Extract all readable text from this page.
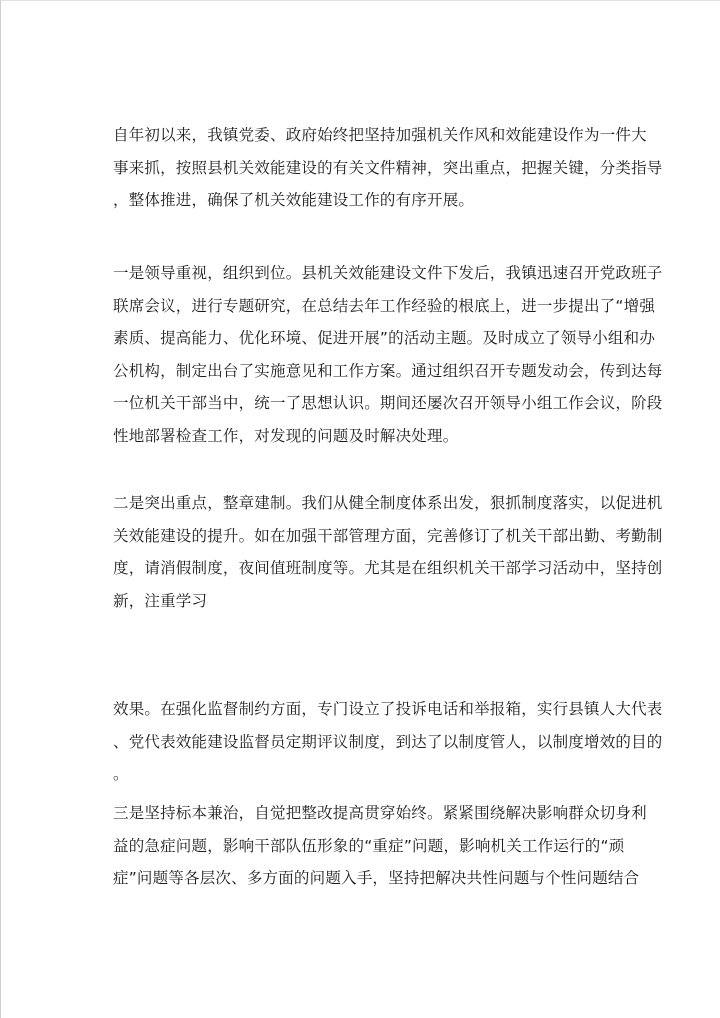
自年初以来，我镇党委、政府始终把坚持加强机关作风和效能建设作为一件大
事来抓，按照县机关效能建设的有关文件精神，突出重点，把握关键，分类指导
，整体推进，确保了机关效能建设工作的有序开展。
一是领导重视，组织到位。县机关效能建设文件下发后，我镇迅速召开党政班子
联席会议，进行专题研究，在总结去年工作经验的根底上，进一步提出了“增强
素质、提高能力、优化环境、促进开展”的活动主题。及时成立了领导小组和办
公机构，制定出台了实施意见和工作方案。通过组织召开专题发动会，传到达每
一位机关干部当中，统一了思想认识。期间还屡次召开领导小组工作会议，阶段
性地部署检查工作，对发现的问题及时解决处理。
二是突出重点，整章建制。我们从健全制度体系出发，狠抓制度落实，以促进机
关效能建设的提升。如在加强干部管理方面，完善修订了机关干部出勤、考勤制
度，请消假制度，夜间值班制度等。尤其是在组织机关干部学习活动中，坚持创
新，注重学习
效果。在强化监督制约方面，专门设立了投诉电话和举报箱，实行县镇人大代表
、党代表效能建设监督员定期评议制度，到达了以制度管人，以制度增效的目的
。
三是坚持标本兼治，自觉把整改提高贯穿始终。紧紧围绕解决影响群众切身利
益的急症问题，影响干部队伍形象的“重症”问题，影响机关工作运行的“顽
症”问题等各层次、多方面的问题入手，坚持把解决共性问题与个性问题结合
